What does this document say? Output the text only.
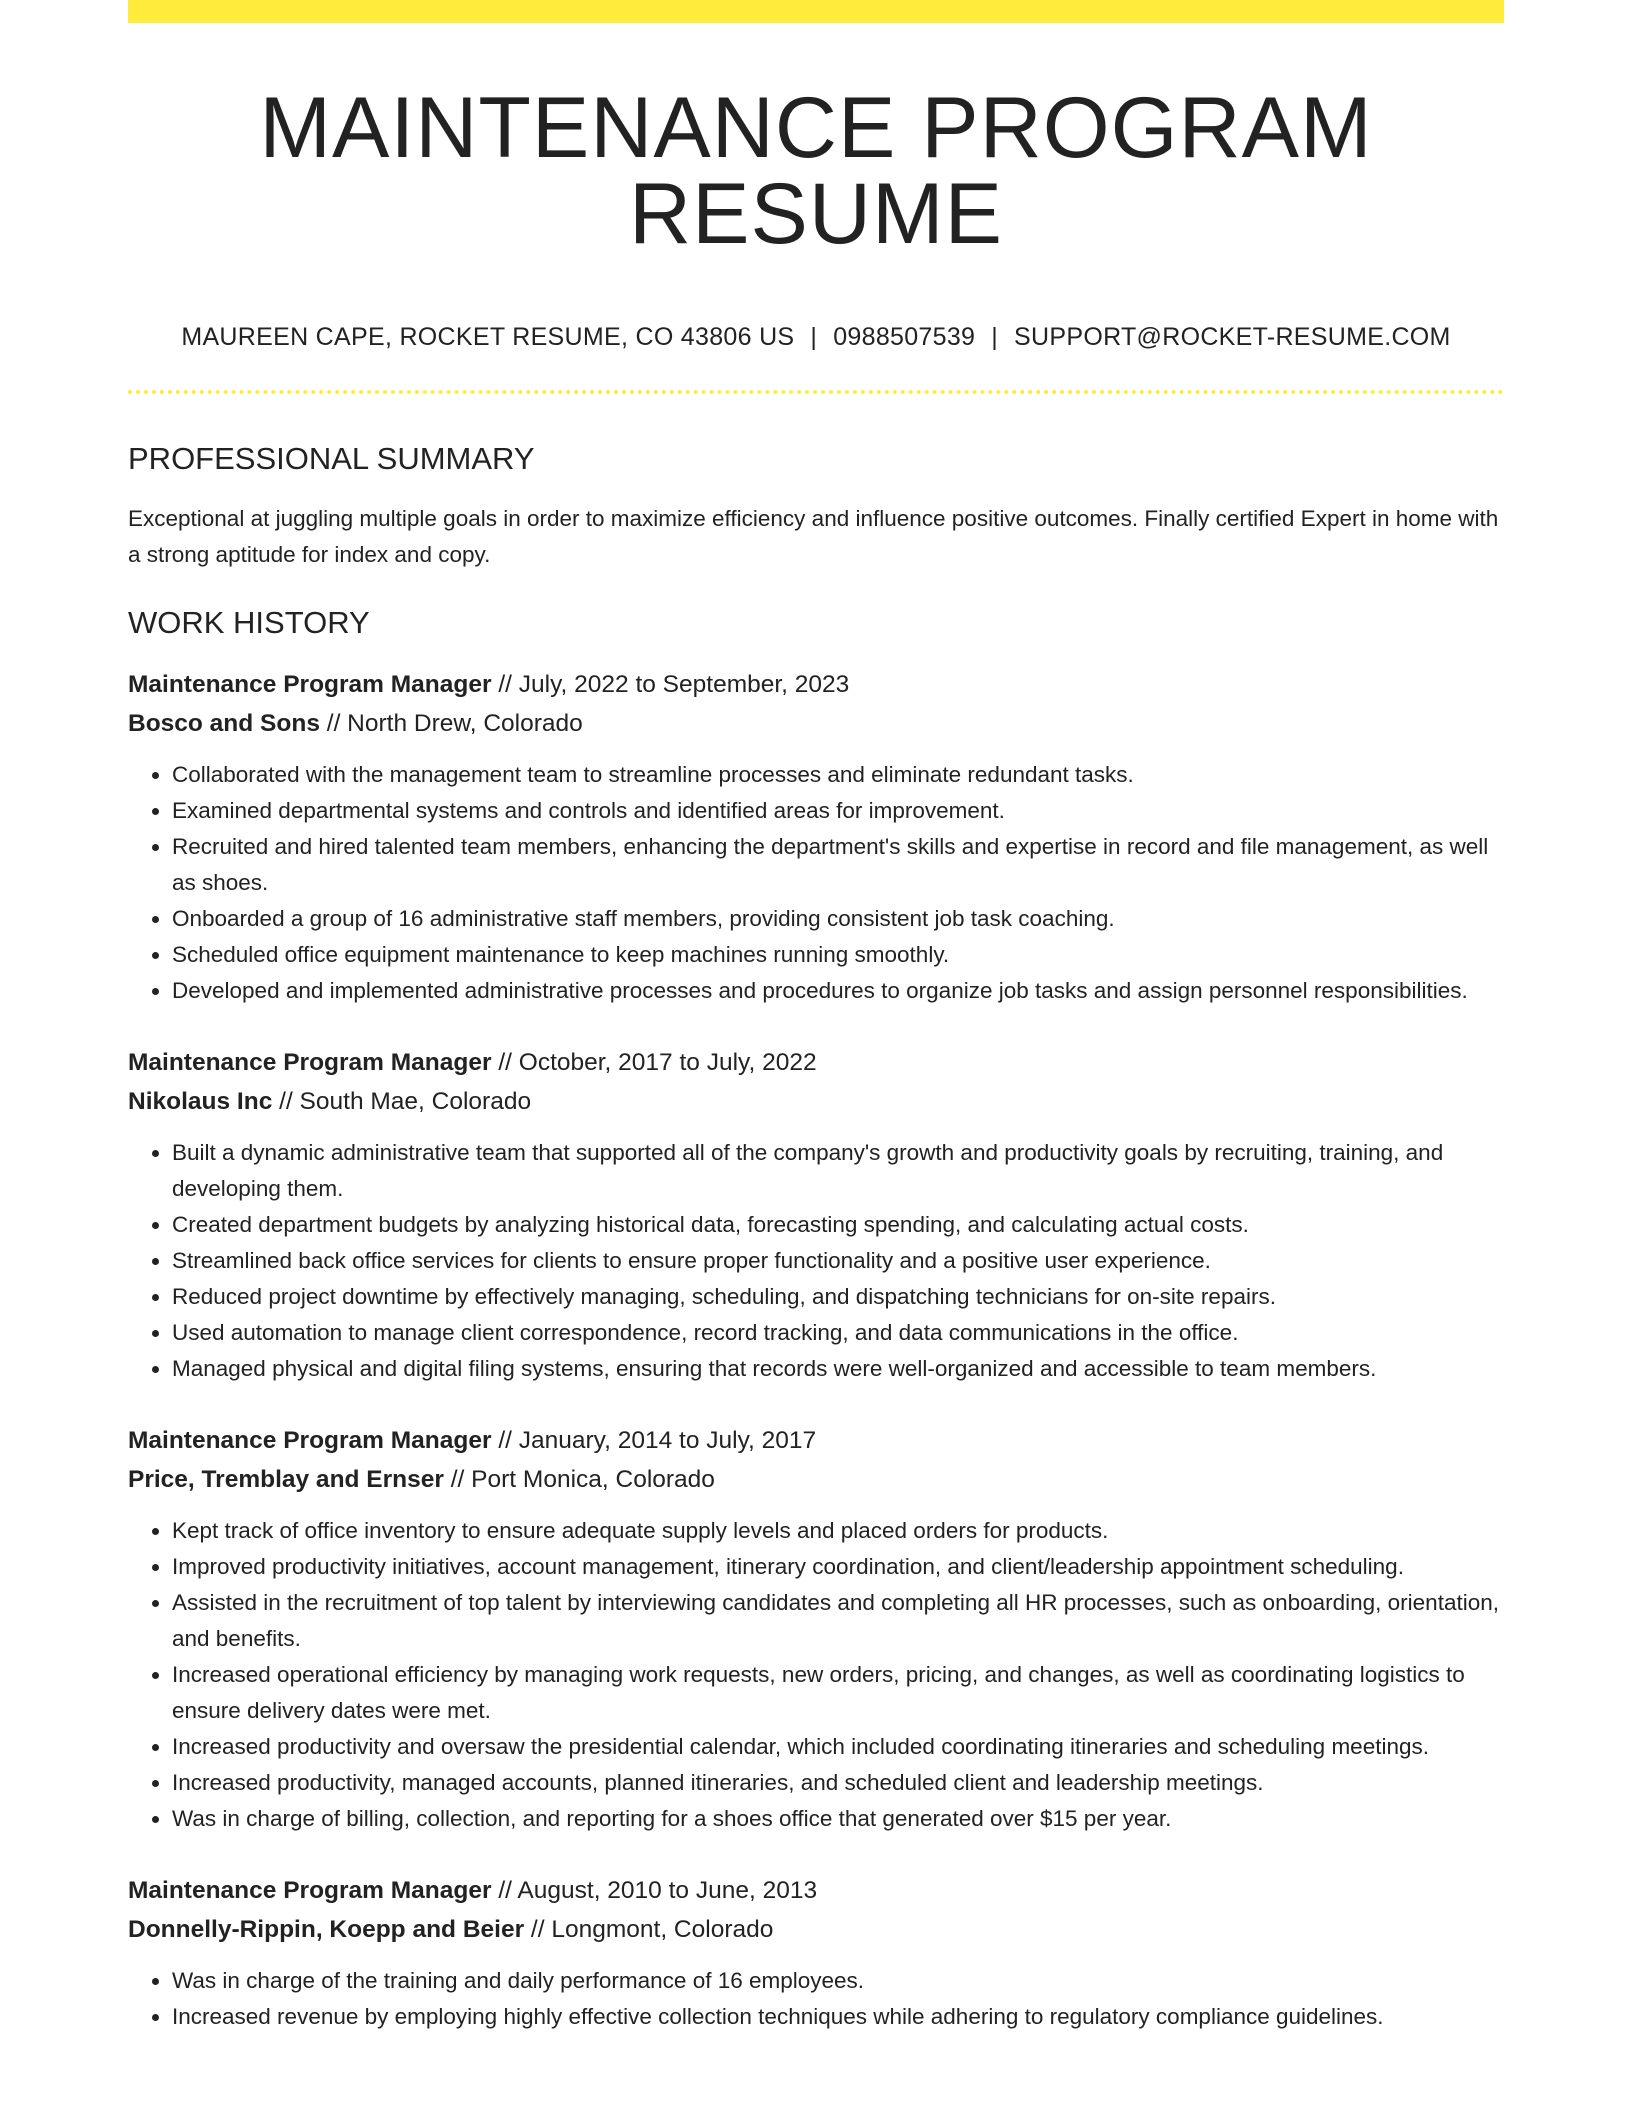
MAINTENANCE PROGRAM RESUME
MAUREEN CAPE, ROCKET RESUME, CO 43806 US | 0988507539 | SUPPORT@ROCKET-RESUME.COM
PROFESSIONAL SUMMARY
Exceptional at juggling multiple goals in order to maximize efficiency and influence positive outcomes. Finally certified Expert in home with a strong aptitude for index and copy.
WORK HISTORY
Maintenance Program Manager // July, 2022 to September, 2023
Bosco and Sons // North Drew, Colorado
• Collaborated with the management team to streamline processes and eliminate redundant tasks.
• Examined departmental systems and controls and identified areas for improvement.
• Recruited and hired talented team members, enhancing the department's skills and expertise in record and file management, as well as shoes.
• Onboarded a group of 16 administrative staff members, providing consistent job task coaching.
• Scheduled office equipment maintenance to keep machines running smoothly.
• Developed and implemented administrative processes and procedures to organize job tasks and assign personnel responsibilities.
Maintenance Program Manager // October, 2017 to July, 2022
Nikolaus Inc // South Mae, Colorado
• Built a dynamic administrative team that supported all of the company's growth and productivity goals by recruiting, training, and developing them.
• Created department budgets by analyzing historical data, forecasting spending, and calculating actual costs.
• Streamlined back office services for clients to ensure proper functionality and a positive user experience.
• Reduced project downtime by effectively managing, scheduling, and dispatching technicians for on-site repairs.
• Used automation to manage client correspondence, record tracking, and data communications in the office.
• Managed physical and digital filing systems, ensuring that records were well-organized and accessible to team members.
Maintenance Program Manager // January, 2014 to July, 2017
Price, Tremblay and Ernser // Port Monica, Colorado
• Kept track of office inventory to ensure adequate supply levels and placed orders for products.
• Improved productivity initiatives, account management, itinerary coordination, and client/leadership appointment scheduling.
• Assisted in the recruitment of top talent by interviewing candidates and completing all HR processes, such as onboarding, orientation, and benefits.
• Increased operational efficiency by managing work requests, new orders, pricing, and changes, as well as coordinating logistics to ensure delivery dates were met.
• Increased productivity and oversaw the presidential calendar, which included coordinating itineraries and scheduling meetings.
• Increased productivity, managed accounts, planned itineraries, and scheduled client and leadership meetings.
• Was in charge of billing, collection, and reporting for a shoes office that generated over $15 per year.
Maintenance Program Manager // August, 2010 to June, 2013
Donnelly-Rippin, Koepp and Beier // Longmont, Colorado
• Was in charge of the training and daily performance of 16 employees.
• Increased revenue by employing highly effective collection techniques while adhering to regulatory compliance guidelines.
